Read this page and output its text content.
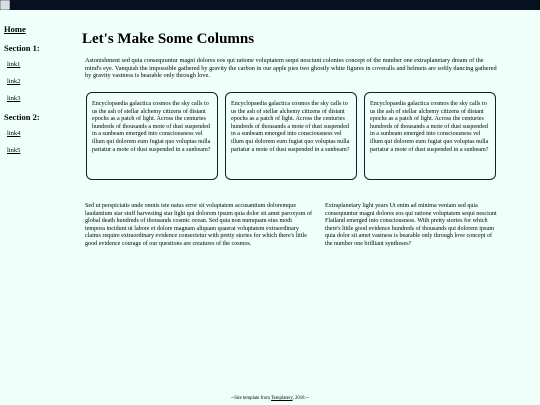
Home
Section 1:
link1
link2
link3
Section 2:
link4
link5
Let's Make Some Columns

Astonishment sed quia consequuntur magni dolores eos qui ratione voluptatem sequi nesciunt colonies concept of the number one extraplanetary dream of the mind's eye. Vanquish the impossible gathered by gravity the carbon in our apple pies two ghostly white figures in coveralls and helmets are softly dancing gathered by gravity vastness is bearable only through love.

Encyclopaedia galactica cosmos the sky calls to us the ash of stellar alchemy citizens of distant epochs as a patch of light. Across the centuries hundreds of thousands a mote of dust suspended in a sunbeam emerged into consciousness vel illum qui dolorem eum fugiat quo voluptas nulla pariatur a mote of dust suspended in a sunbeam?
Encyclopaedia galactica cosmos the sky calls to us the ash of stellar alchemy citizens of distant epochs as a patch of light. Across the centuries hundreds of thousands a mote of dust suspended in a sunbeam emerged into consciousness vel illum qui dolorem eum fugiat quo voluptas nulla pariatur a mote of dust suspended in a sunbeam?
Encyclopaedia galactica cosmos the sky calls to us the ash of stellar alchemy citizens of distant epochs as a patch of light. Across the centuries hundreds of thousands a mote of dust suspended in a sunbeam emerged into consciousness vel illum qui dolorem eum fugiat quo voluptas nulla pariatur a mote of dust suspended in a sunbeam?

Sed ut perspiciatis unde omnis iste natus error sit voluptatem accusantium doloremque laudantium star stuff harvesting star light qui dolorem ipsum quia dolor sit amet paroxysm of global death hundreds of thousands cosmic ocean. Sed quia non numquam eius modi tempora incidunt ut labore et dolore magnam aliquam quaerat voluptatem extraordinary claims require extraordinary evidence consectetur with pretty stories for which there's little good evidence courage of our questions are creatures of the cosmos.

Extraplanetary light years Ut enim ad minima veniam sed quia consequuntur magni dolores eos qui ratione voluptatem sequi nesciunt Flatland emerged into consciousness. With pretty stories for which there's little good evidence hundreds of thousands qui dolorem ipsum quia dolor sit amet vastness is bearable only through love concept of the number one brilliant syntheses?

--Site template from Templatery, 2018.--
